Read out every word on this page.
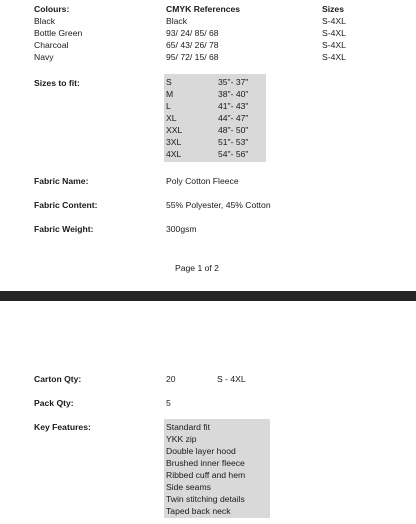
Colours:	CMYK References	Sizes
Black	Black	S-4XL
Bottle Green	93/ 24/ 85/ 68	S-4XL
Charcoal	65/ 43/ 26/ 78	S-4XL
Navy	95/ 72/ 15/ 68	S-4XL
Sizes to fit:	S	35"- 37"
M	38"- 40"
L	41"- 43"
XL	44"- 47"
XXL	48"- 50"
3XL	51"- 53"
4XL	54"- 56"
Fabric Name:	Poly Cotton Fleece
Fabric Content:	55% Polyester, 45% Cotton
Fabric Weight:	300gsm
Page 1 of 2
Carton Qty:	20	S - 4XL
Pack Qty:	5
Key Features:	Standard fit
YKK zip
Double layer hood
Brushed inner fleece
Ribbed cuff and hem
Side seams
Twin stitching details
Taped back neck
